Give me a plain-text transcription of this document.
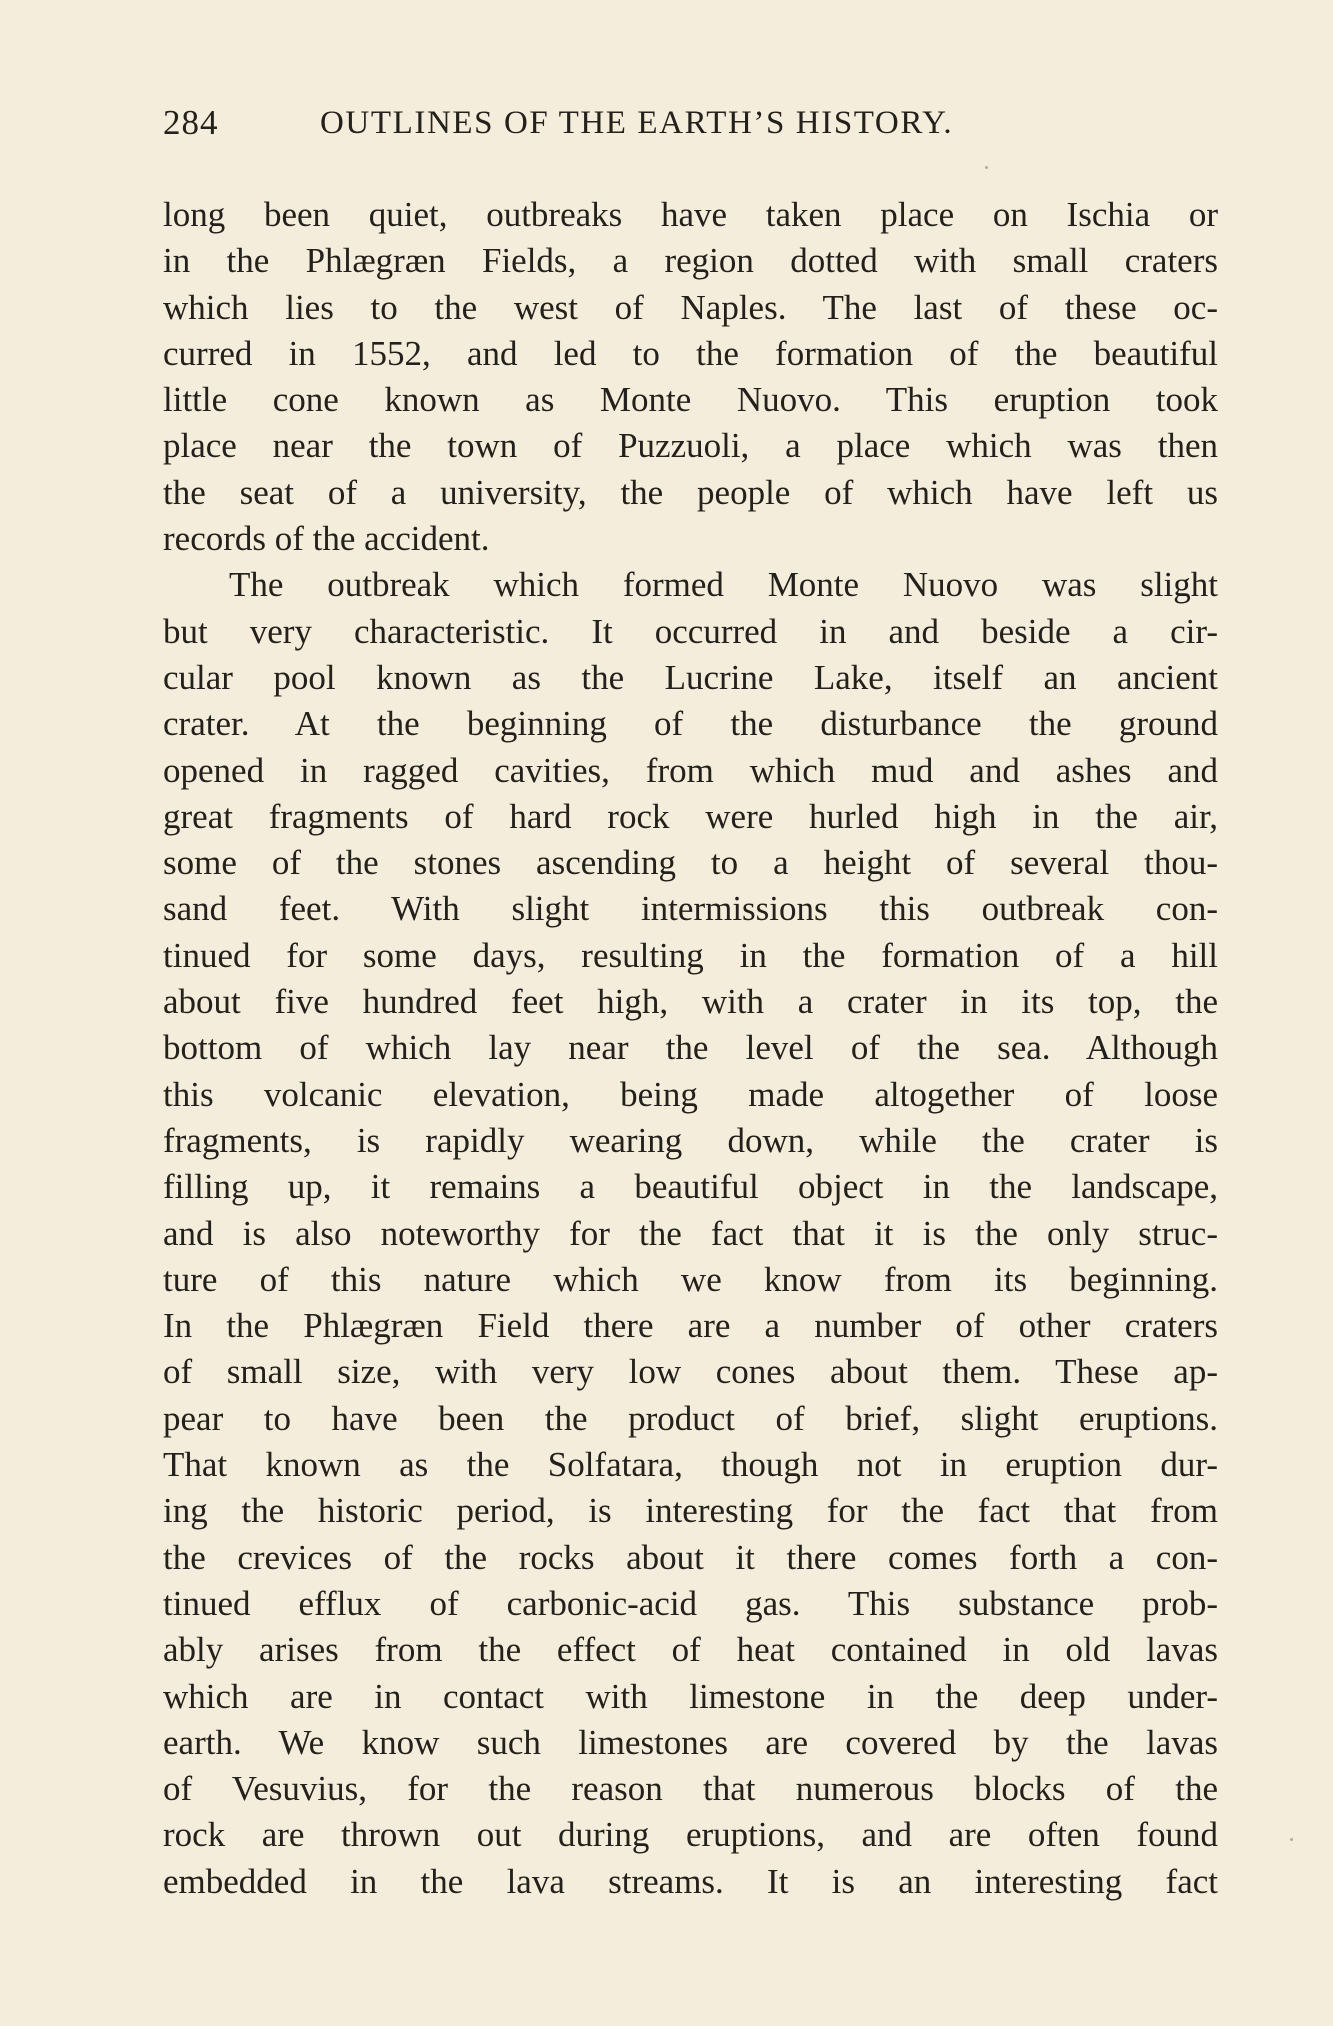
284	OUTLINES OF THE EARTH’S HISTORY.
long been quiet, outbreaks have taken place on Ischia or
in the Phlægræn Fields, a region dotted with small craters
which lies to the west of Naples. The last of these oc-
curred in 1552, and led to the formation of the beautiful
little cone known as Monte Nuovo. This eruption took
place near the town of Puzzuoli, a place which was then
the seat of a university, the people of which have left us
records of the accident.
The outbreak which formed Monte Nuovo was slight
but very characteristic. It occurred in and beside a cir-
cular pool known as the Lucrine Lake, itself an ancient
crater. At the beginning of the disturbance the ground
opened in ragged cavities, from which mud and ashes and
great fragments of hard rock were hurled high in the air,
some of the stones ascending to a height of several thou-
sand feet. With slight intermissions this outbreak con-
tinued for some days, resulting in the formation of a hill
about five hundred feet high, with a crater in its top, the
bottom of which lay near the level of the sea. Although
this volcanic elevation, being made altogether of loose
fragments, is rapidly wearing down, while the crater is
filling up, it remains a beautiful object in the landscape,
and is also noteworthy for the fact that it is the only struc-
ture of this nature which we know from its beginning.
In the Phlægræn Field there are a number of other craters
of small size, with very low cones about them. These ap-
pear to have been the product of brief, slight eruptions.
That known as the Solfatara, though not in eruption dur-
ing the historic period, is interesting for the fact that from
the crevices of the rocks about it there comes forth a con-
tinued efflux of carbonic-acid gas. This substance prob-
ably arises from the effect of heat contained in old lavas
which are in contact with limestone in the deep under-
earth. We know such limestones are covered by the lavas
of Vesuvius, for the reason that numerous blocks of the
rock are thrown out during eruptions, and are often found
embedded in the lava streams. It is an interesting fact
